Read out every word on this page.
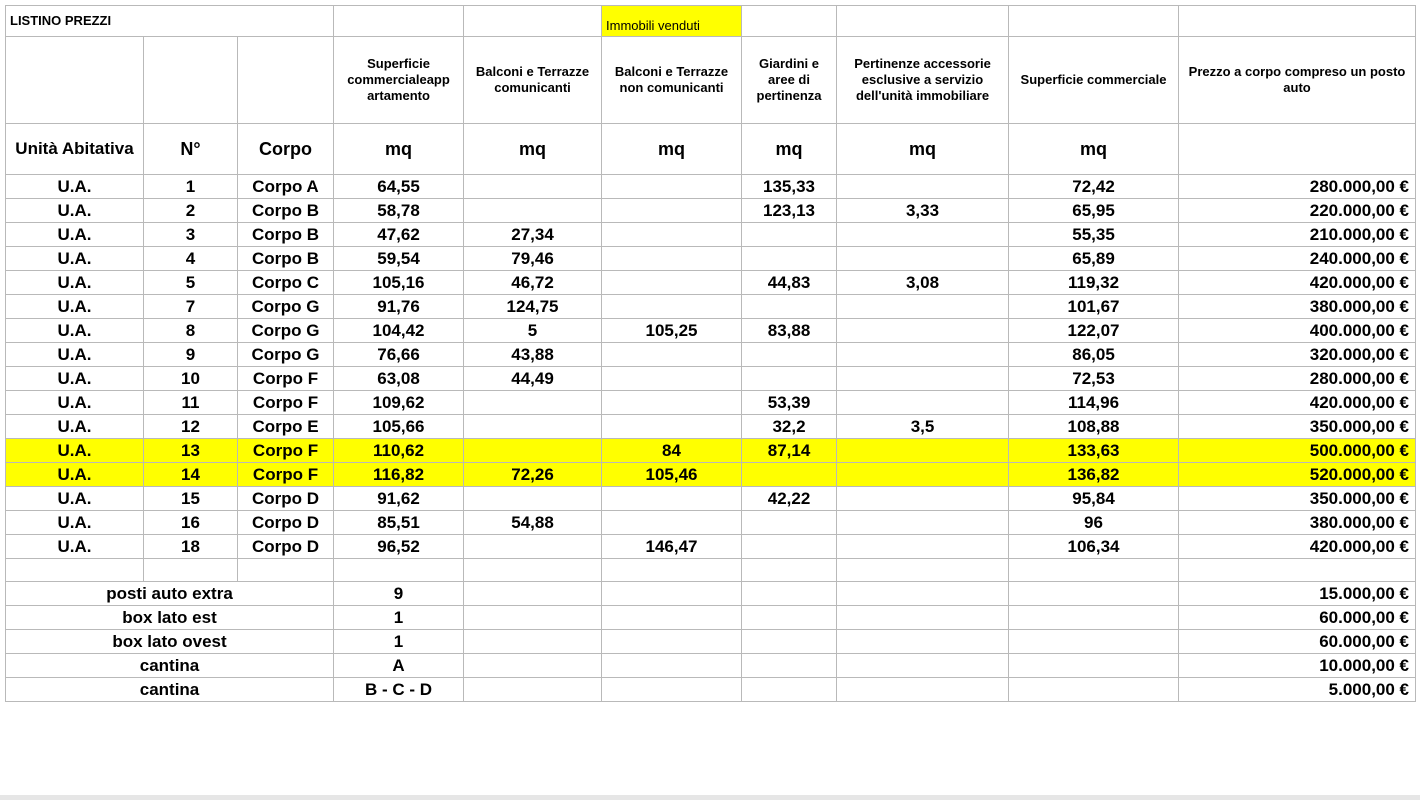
LISTINO PREZZI					Immobili venduti				
			Superficie commercialeapp artamento	Balconi e Terrazze comunicanti	Balconi e Terrazze non comunicanti	Giardini e aree di pertinenza	Pertinenze accessorie esclusive a servizio dell'unità immobiliare	Superficie commerciale	Prezzo a corpo compreso un posto auto
Unità Abitativa	N°	Corpo	mq	mq	mq	mq	mq	mq	
U.A.	1	Corpo A	64,55			135,33		72,42	280.000,00 €
U.A.	2	Corpo B	58,78			123,13	3,33	65,95	220.000,00 €
U.A.	3	Corpo B	47,62	27,34				55,35	210.000,00 €
U.A.	4	Corpo B	59,54	79,46				65,89	240.000,00 €
U.A.	5	Corpo C	105,16	46,72		44,83	3,08	119,32	420.000,00 €
U.A.	7	Corpo G	91,76	124,75				101,67	380.000,00 €
U.A.	8	Corpo G	104,42	5	105,25	83,88		122,07	400.000,00 €
U.A.	9	Corpo G	76,66	43,88				86,05	320.000,00 €
U.A.	10	Corpo F	63,08	44,49				72,53	280.000,00 €
U.A.	11	Corpo F	109,62			53,39		114,96	420.000,00 €
U.A.	12	Corpo E	105,66			32,2	3,5	108,88	350.000,00 €
U.A.	13	Corpo F	110,62		84	87,14		133,63	500.000,00 €
U.A.	14	Corpo F	116,82	72,26	105,46			136,82	520.000,00 €
U.A.	15	Corpo D	91,62			42,22		95,84	350.000,00 €
U.A.	16	Corpo D	85,51	54,88				96	380.000,00 €
U.A.	18	Corpo D	96,52		146,47			106,34	420.000,00 €

posti auto extra			9						15.000,00 €
box lato est			1						60.000,00 €
box lato ovest			1						60.000,00 €
cantina			A						10.000,00 €
cantina			B - C - D						5.000,00 €
